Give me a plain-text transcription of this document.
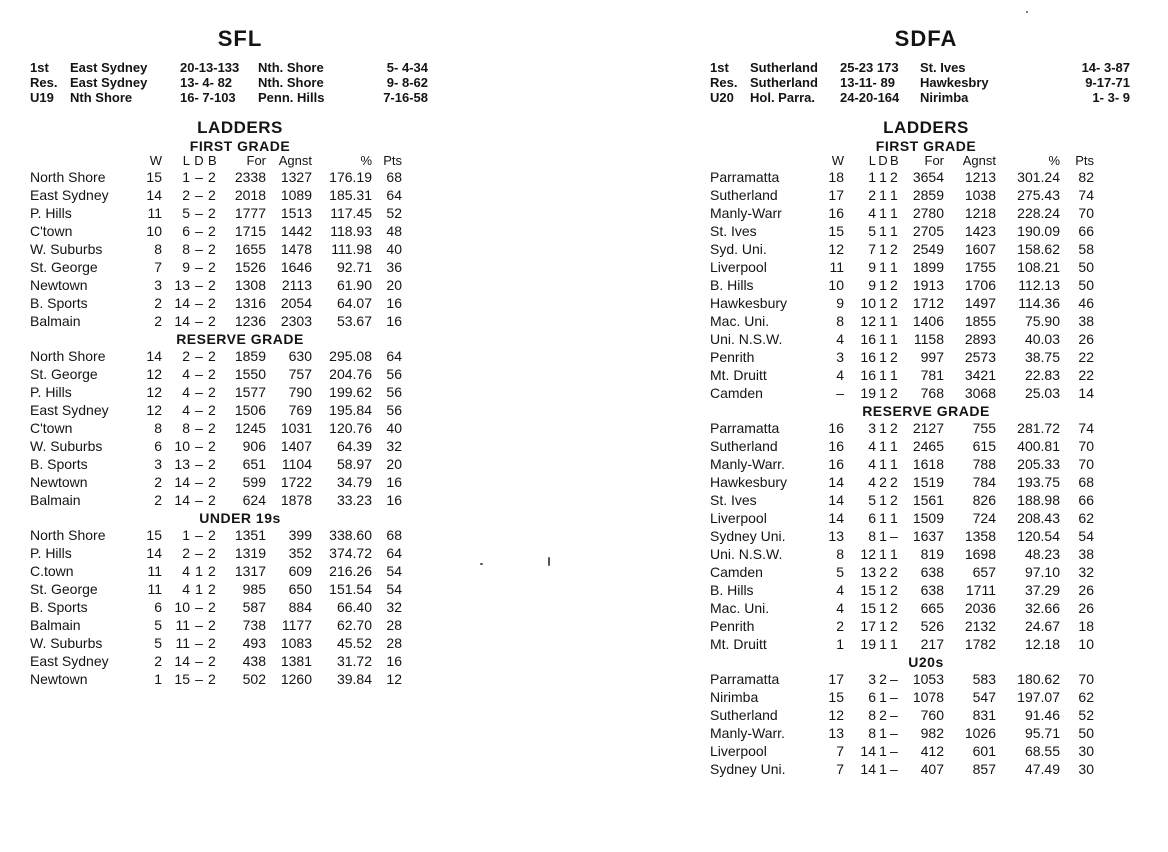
SFL
1st	East Sydney	20-13-133	Nth. Shore	5- 4-34
Res.	East Sydney	13- 4- 82	Nth. Shore	9- 8-62
U19	Nth Shore	16- 7-103	Penn. Hills	7-16-58
LADDERS
FIRST GRADE
	W	L	D	B	For	Agnst	%	Pts
North Shore	15	1	–	2	2338	1327	176.19	68
East Sydney	14	2	–	2	2018	1089	185.31	64
P. Hills	11	5	–	2	1777	1513	117.45	52
C'town	10	6	–	2	1715	1442	118.93	48
W. Suburbs	8	8	–	2	1655	1478	111.98	40
St. George	7	9	–	2	1526	1646	92.71	36
Newtown	3	13	–	2	1308	2113	61.90	20
B. Sports	2	14	–	2	1316	2054	64.07	16
Balmain	2	14	–	2	1236	2303	53.67	16
RESERVE GRADE
North Shore	14	2	–	2	1859	630	295.08	64
St. George	12	4	–	2	1550	757	204.76	56
P. Hills	12	4	–	2	1577	790	199.62	56
East Sydney	12	4	–	2	1506	769	195.84	56
C'town	8	8	–	2	1245	1031	120.76	40
W. Suburbs	6	10	–	2	906	1407	64.39	32
B. Sports	3	13	–	2	651	1104	58.97	20
Newtown	2	14	–	2	599	1722	34.79	16
Balmain	2	14	–	2	624	1878	33.23	16
UNDER 19s
North Shore	15	1	–	2	1351	399	338.60	68
P. Hills	14	2	–	2	1319	352	374.72	64
C.town	11	4	1	2	1317	609	216.26	54
St. George	11	4	1	2	985	650	151.54	54
B. Sports	6	10	–	2	587	884	66.40	32
Balmain	5	11	–	2	738	1177	62.70	28
W. Suburbs	5	11	–	2	493	1083	45.52	28
East Sydney	2	14	–	2	438	1381	31.72	16
Newtown	1	15	–	2	502	1260	39.84	12
SDFA
1st	Sutherland	25-23 173	St. Ives	14- 3-87
Res.	Sutherland	13-11- 89	Hawkesbry	9-17-71
U20	Hol. Parra.	24-20-164	Nirimba	1- 3- 9
LADDERS
FIRST GRADE
	W	L	D	B	For	Agnst	%	Pts
Parramatta	18	1	1	2	3654	1213	301.24	82
Sutherland	17	2	1	1	2859	1038	275.43	74
Manly-Warr	16	4	1	1	2780	1218	228.24	70
St. Ives	15	5	1	1	2705	1423	190.09	66
Syd. Uni.	12	7	1	2	2549	1607	158.62	58
Liverpool	11	9	1	1	1899	1755	108.21	50
B. Hills	10	9	1	2	1913	1706	112.13	50
Hawkesbury	9	10	1	2	1712	1497	114.36	46
Mac. Uni.	8	12	1	1	1406	1855	75.90	38
Uni. N.S.W.	4	16	1	1	1158	2893	40.03	26
Penrith	3	16	1	2	997	2573	38.75	22
Mt. Druitt	4	16	1	1	781	3421	22.83	22
Camden	–	19	1	2	768	3068	25.03	14
RESERVE GRADE
Parramatta	16	3	1	2	2127	755	281.72	74
Sutherland	16	4	1	1	2465	615	400.81	70
Manly-Warr.	16	4	1	1	1618	788	205.33	70
Hawkesbury	14	4	2	2	1519	784	193.75	68
St. Ives	14	5	1	2	1561	826	188.98	66
Liverpool	14	6	1	1	1509	724	208.43	62
Sydney Uni.	13	8	1	–	1637	1358	120.54	54
Uni. N.S.W.	8	12	1	1	819	1698	48.23	38
Camden	5	13	2	2	638	657	97.10	32
B. Hills	4	15	1	2	638	1711	37.29	26
Mac. Uni.	4	15	1	2	665	2036	32.66	26
Penrith	2	17	1	2	526	2132	24.67	18
Mt. Druitt	1	19	1	1	217	1782	12.18	10
U20s
Parramatta	17	3	2	–	1053	583	180.62	70
Nirimba	15	6	1	–	1078	547	197.07	62
Sutherland	12	8	2	–	760	831	91.46	52
Manly-Warr.	13	8	1	–	982	1026	95.71	50
Liverpool	7	14	1	–	412	601	68.55	30
Sydney Uni.	7	14	1	–	407	857	47.49	30
